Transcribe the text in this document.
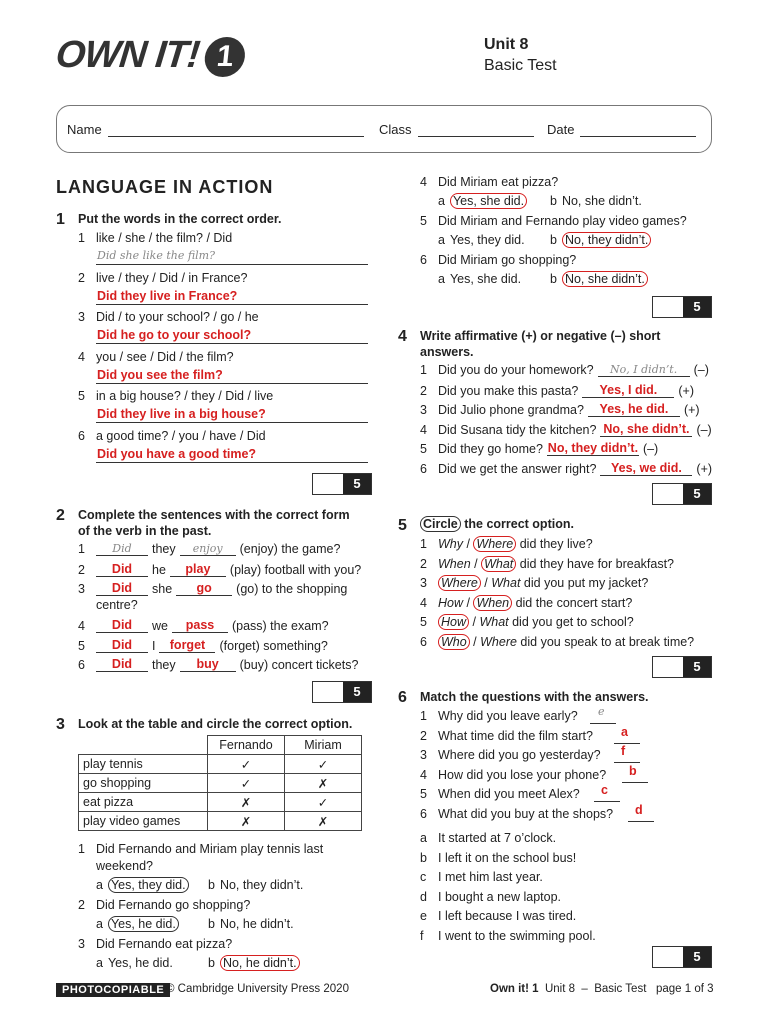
OWN IT! 1	Unit 8
Basic Test
Name	Class	Date
LANGUAGE IN ACTION
1 Put the words in the correct order.
1 like / she / the film? / Did
Did she like the film?
2 live / they / Did / in France?
Did they live in France?
3 Did / to your school? / go / he
Did he go to your school?
4 you / see / Did / the film?
Did you see the film?
5 in a big house? / they / Did / live
Did they live in a big house?
6 a good time? / you / have / Did
Did you have a good time?
5
2 Complete the sentences with the correct form
of the verb in the past.
1 Did they enjoy (enjoy) the game?
2 Did he play (play) football with you?
3 Did she go (go) to the shopping
centre?
4 Did we pass (pass) the exam?
5 Did I forget (forget) something?
6 Did they buy (buy) concert tickets?
5
3 Look at the table and circle the correct option.
	Fernando	Miriam
play tennis	✓	✓
go shopping	✓	✗
eat pizza	✗	✓
play video games	✗	✗
1 Did Fernando and Miriam play tennis last
weekend?
a Yes, they did. b No, they didn’t.
2 Did Fernando go shopping?
a Yes, he did.	b No, he didn’t.
3 Did Fernando eat pizza?
a Yes, he did.	b No, he didn’t.
4 Did Miriam eat pizza?
a Yes, she did. b No, she didn’t.
5 Did Miriam and Fernando play video games?
a Yes, they did. b No, they didn’t.
6 Did Miriam go shopping?
a Yes, she did. b No, she didn’t.
5
4 Write affirmative (+) or negative (–) short
answers.
1 Did you do your homework? No, I didn’t. (–)
2 Did you make this pasta? Yes, I did. (+)
3 Did Julio phone grandma? Yes, he did. (+)
4 Did Susana tidy the kitchen? No, she didn’t. (–)
5 Did they go home? No, they didn’t. (–)
6 Did we get the answer right? Yes, we did. (+)
5
5 Circle the correct option.
1 Why / Where did they live?
2 When / What did they have for breakfast?
3 Where / What did you put my jacket?
4 How / When did the concert start?
5 How / What did you get to school?
6 Who / Where did you speak to at break time?
5
6 Match the questions with the answers.
1 Why did you leave early? e
2 What time did the film start? a
3 Where did you go yesterday? f
4 How did you lose your phone? b
5 When did you meet Alex? c
6 What did you buy at the shops? d
a It started at 7 o’clock.
b I left it on the school bus!
c I met him last year.
d I bought a new laptop.
e I left because I was tired.
f I went to the swimming pool.
5
PHOTOCOPIABLE © Cambridge University Press 2020	Own it! 1 Unit 8 – Basic Test page 1 of 3
